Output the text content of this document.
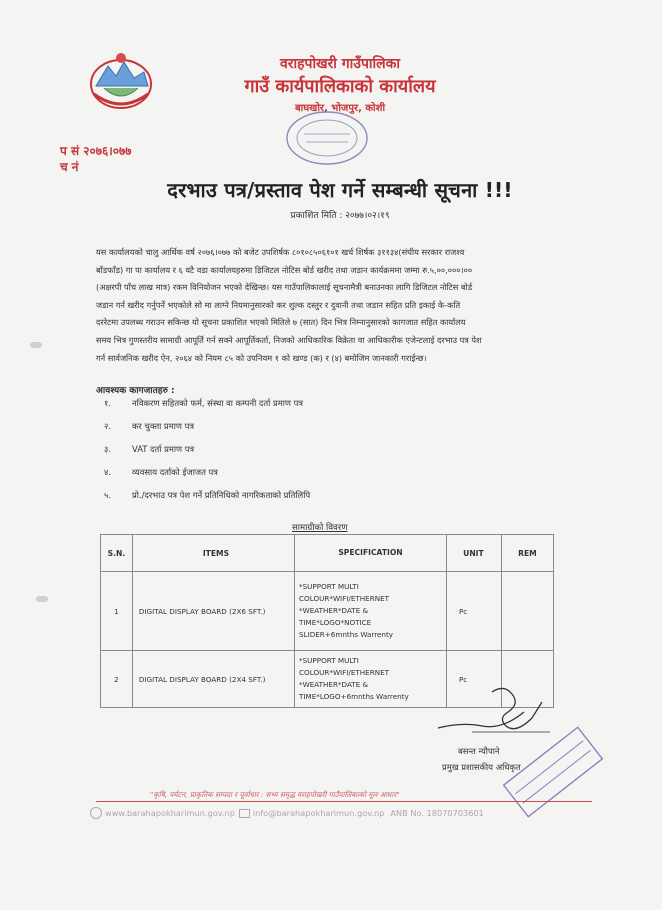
वराहपोखरी गाउँपालिका
गाउँ कार्यपालिकाको कार्यालय
बाघखोर, भोजपुर, कोशी
प सं २०७६।०७७
च नं
दरभाउ पत्र/प्रस्ताव पेश गर्ने सम्बन्धी सूचना !!!
प्रकाशित मिति : २०७७।०२।१९
यस कार्यालयको चालु आर्थिक वर्ष २०७६।०७७ को बजेट उपशिर्षक ८०१०८५०६१०१ खर्च शिर्षक ३११३४(संघीय सरकार राजश्व
बाँडफाँड) गा पा कार्यालय र ६ वटै वडा कार्यालयहरुमा डिजिटल नोटिस बोर्ड खरीद तथा जडान कार्यक्रममा जम्मा रु.५,००,०००।००
(अक्षरपी पाँच लाख मात्र) रकम विनियोजन भएको देखिन्छ। यस गाउँपालिकालाई सूचनामैत्री बनाउनका लागि डिजिटल नोटिस बोर्ड
जडान गर्न खरीद गर्नुपर्ने भएकोले सो मा लाग्ने नियमानुसारको कर शुल्क दस्तुर र दुवानी तथा जडान सहित प्रति इकाई के-कति
दररेटमा उपलब्ध गराउन सकिन्छ यो सूचना प्रकाशित भएको मितिले ७ (सात) दिन भित्र निम्नानुसारको कागजात सहित कार्यालय
समय भित्र गुणस्तरीय सामाग्री आपूर्ति गर्न सक्ने आपूर्तिकर्ता, निजको आधिकारिक विक्रेता वा आधिकारीक एजेन्टलाई दरभाउ पत्र पेश
गर्न सार्वजनिक खरीद ऐन, २०६४ को नियम ८५ को उपनियम १ को खण्ड (क) र (४) बमोजिम जानकारी गराईन्छ।
आवश्यक कागजातहरु :
१.	नविकरण सहितको फर्म, संस्था वा कम्पनी दर्ता प्रमाण पत्र
२.	कर चुक्ता प्रमाण पत्र
३.	VAT दर्ता प्रमाण पत्र
४.	व्यवसाय दर्ताको ईजाजत पत्र
५.	प्रो./दरभाउ पत्र पेश गर्ने प्रतिनिधिको नागरिकताको प्रतिलिपि
सामाग्रीको विवरण
S.N.	ITEMS	SPECIFICATION	UNIT	REM
1	DIGITAL DISPLAY BOARD (2X6 SFT.)	*SUPPORT MULTI
COLOUR*WIFI/ETHERNET
*WEATHER*DATE &
TIME*LOGO*NOTICE
SLIDER+6mnths Warrenty	Pc	
2	DIGITAL DISPLAY BOARD (2X4 SFT.)	*SUPPORT MULTI
COLOUR*WIFI/ETHERNET
*WEATHER*DATE &
TIME*LOGO+6mnths Warrenty	Pc	
बसन्त न्यौपाने
प्रमुख प्रशासकीय अधिकृत
"कृषि, पर्यटन, प्राकृतिक सम्पदा र पूर्वाधार : सभ्य समृद्ध वराहपोखरी गाउँपालिकाको मूल आधार"
www.barahapokharimun.gov.np info@barahapokharimun.gov.np ANB No. 18070703601
